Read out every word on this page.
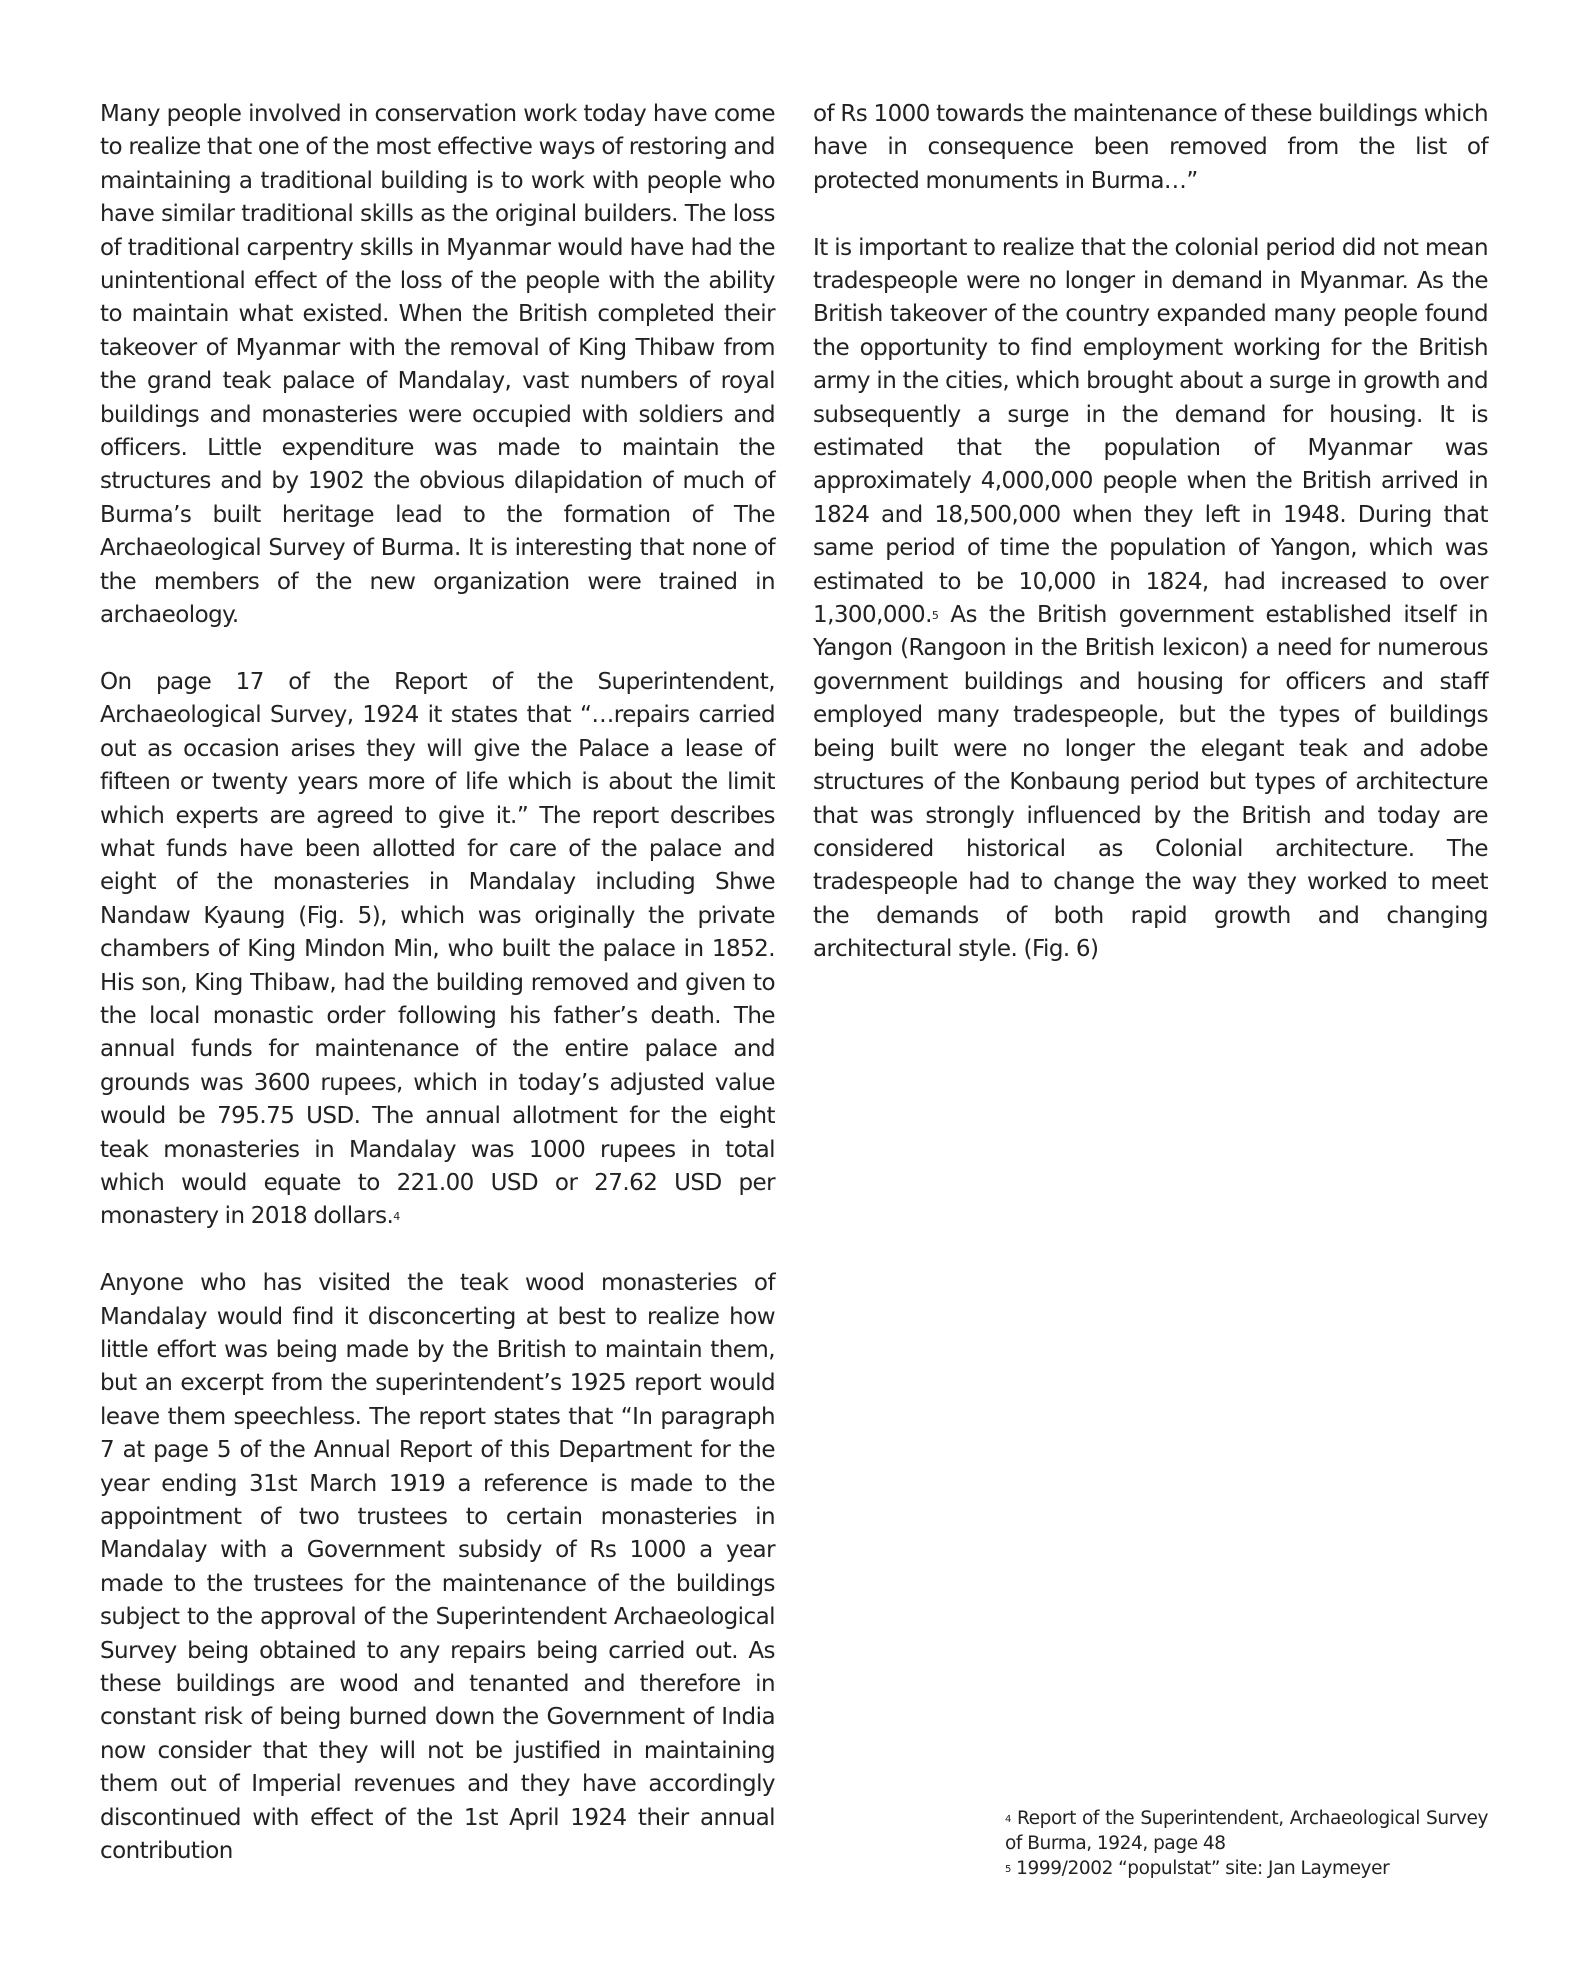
Many people involved in conservation work today have come to realize that one of the most effective ways of restoring and maintaining a traditional building is to work with people who have similar traditional skills as the original builders. The loss of traditional carpentry skills in Myanmar would have had the unintentional effect of the loss of the people with the ability to maintain what existed. When the British completed their takeover of Myanmar with the removal of King Thibaw from the grand teak palace of Mandalay, vast numbers of royal buildings and monasteries were occupied with soldiers and officers. Little expenditure was made to maintain the structures and by 1902 the obvious dilapidation of much of Burma’s built heritage lead to the formation of The Archaeological Survey of Burma. It is interesting that none of the members of the new organization were trained in archaeology.

On page 17 of the Report of the Superintendent, Archaeological Survey, 1924 it states that “…repairs carried out as occasion arises they will give the Palace a lease of fifteen or twenty years more of life which is about the limit which experts are agreed to give it.” The report describes what funds have been allotted for care of the palace and eight of the monasteries in Mandalay including Shwe Nandaw Kyaung (Fig. 5), which was originally the private chambers of King Mindon Min, who built the palace in 1852. His son, King Thibaw, had the building removed and given to the local monastic order following his father’s death. The annual funds for maintenance of the entire palace and grounds was 3600 rupees, which in today’s adjusted value would be 795.75 USD. The annual allotment for the eight teak monasteries in Mandalay was 1000 rupees in total which would equate to 221.00 USD or 27.62 USD per monastery in 2018 dollars.$^4$

Anyone who has visited the teak wood monasteries of Mandalay would find it disconcerting at best to realize how little effort was being made by the British to maintain them, but an excerpt from the superintendent’s 1925 report would leave them speechless. The report states that “In paragraph 7 at page 5 of the Annual Report of this Department for the year ending 31st March 1919 a reference is made to the appointment of two trustees to certain monasteries in Mandalay with a Government subsidy of Rs 1000 a year made to the trustees for the maintenance of the buildings subject to the approval of the Superintendent Archaeological Survey being obtained to any repairs being carried out. As these buildings are wood and tenanted and therefore in constant risk of being burned down the Government of India now consider that they will not be justified in maintaining them out of Imperial revenues and they have accordingly discontinued with effect of the 1st April 1924 their annual contribution

of Rs 1000 towards the maintenance of these buildings which have in consequence been removed from the list of protected monuments in Burma…”

It is important to realize that the colonial period did not mean tradespeople were no longer in demand in Myanmar. As the British takeover of the country expanded many people found the opportunity to find employment working for the British army in the cities, which brought about a surge in growth and subsequently a surge in the demand for housing. It is estimated that the population of Myanmar was approximately 4,000,000 people when the British arrived in 1824 and 18,500,000 when they left in 1948. During that same period of time the population of Yangon, which was estimated to be 10,000 in 1824, had increased to over 1,300,000.$^5$ As the British government established itself in Yangon (Rangoon in the British lexicon) a need for numerous government buildings and housing for officers and staff employed many tradespeople, but the types of buildings being built were no longer the elegant teak and adobe structures of the Konbaung period but types of architecture that was strongly influenced by the British and today are considered historical as Colonial architecture. The tradespeople had to change the way they worked to meet the demands of both rapid growth and changing architectural style. (Fig. 6)

$^4$ Report of the Superintendent, Archaeological Survey of Burma, 1924, page 48

$^5$ 1999/2002 “populstat” site: Jan Laymeyer
